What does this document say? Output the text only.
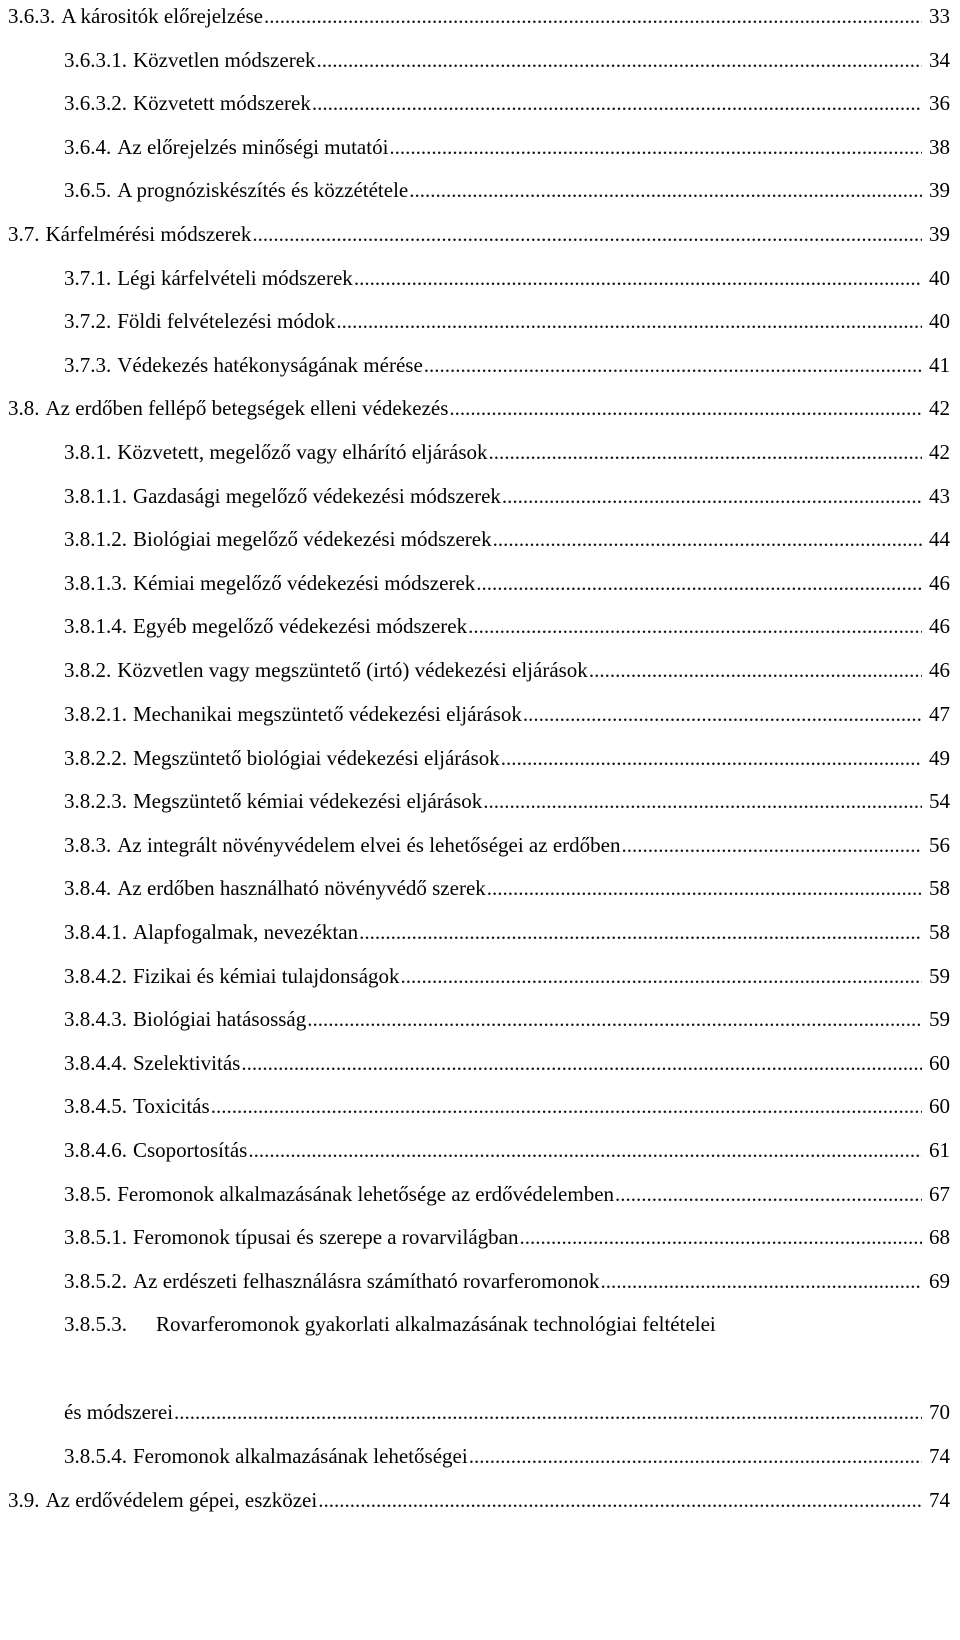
3.6.3. A kárositók előrejelzése .....	33
3.6.3.1. Közvetlen módszerek .....	34
3.6.3.2. Közvetett módszerek .....	36
3.6.4. Az előrejelzés minőségi mutatói .....	38
3.6.5. A prognóziskészítés és közzététele .....	39
3.7. Kárfelmérési módszerek .....	39
3.7.1. Légi kárfelvételi módszerek .....	40
3.7.2. Földi felvételezési módok .....	40
3.7.3. Védekezés hatékonyságának mérése .....	41
3.8. Az erdőben fellépő betegségek elleni védekezés .....	42
3.8.1. Közvetett, megelőző vagy elhárító eljárások .....	42
3.8.1.1. Gazdasági megelőző védekezési módszerek .....	43
3.8.1.2. Biológiai megelőző védekezési módszerek .....	44
3.8.1.3. Kémiai megelőző védekezési módszerek .....	46
3.8.1.4. Egyéb megelőző védekezési módszerek .....	46
3.8.2. Közvetlen vagy megszüntető (irtó) védekezési eljárások .....	46
3.8.2.1. Mechanikai megszüntető védekezési eljárások .....	47
3.8.2.2. Megszüntető biológiai védekezési eljárások .....	49
3.8.2.3. Megszüntető kémiai védekezési eljárások .....	54
3.8.3. Az integrált növényvédelem elvei és lehetőségei az erdőben .....	56
3.8.4. Az erdőben használható növényvédő szerek .....	58
3.8.4.1. Alapfogalmak, nevezéktan .....	58
3.8.4.2. Fizikai és kémiai tulajdonságok .....	59
3.8.4.3. Biológiai hatásosság .....	59
3.8.4.4. Szelektivitás .....	60
3.8.4.5. Toxicitás .....	60
3.8.4.6. Csoportosítás .....	61
3.8.5. Feromonok alkalmazásának lehetősége az erdővédelemben .....	67
3.8.5.1. Feromonok típusai és szerepe a rovarvilágban .....	68
3.8.5.2. Az erdészeti felhasználásra számítható rovarferomonok .....	69
3.8.5.3. Rovarferomonok gyakorlati alkalmazásának technológiai feltételei
és módszerei .....	70
3.8.5.4. Feromonok alkalmazásának lehetőségei .....	74
3.9. Az erdővédelem gépei, eszközei .....	74
